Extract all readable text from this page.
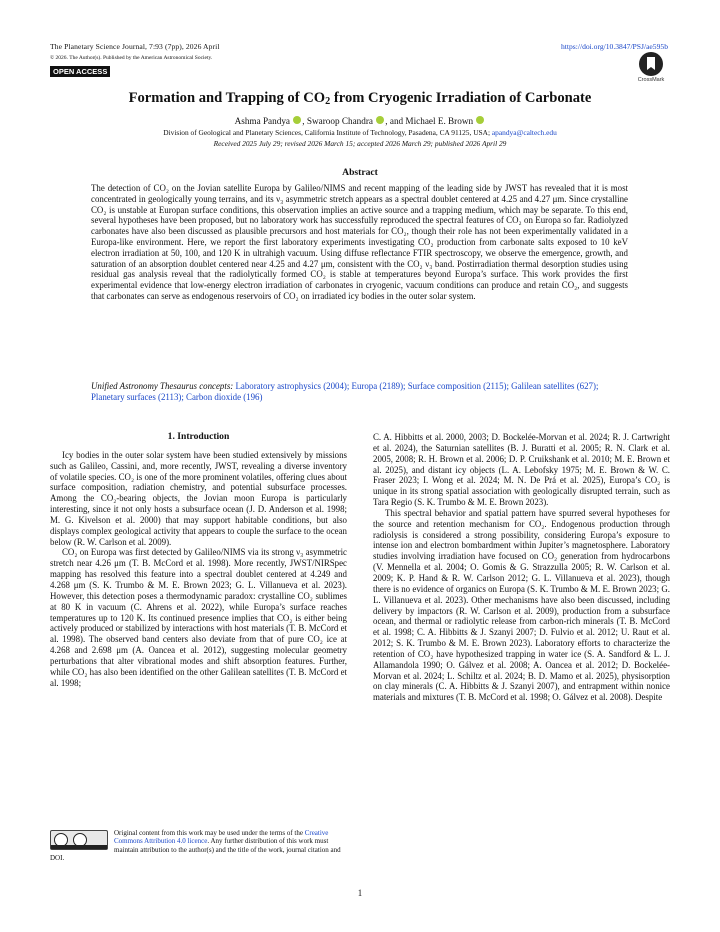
The Planetary Science Journal, 7:93 (7pp), 2026 April	https://doi.org/10.3847/PSJ/ae595b
© 2026. The Author(s). Published by the American Astronomical Society.
OPEN ACCESS
CrossMark
Formation and Trapping of $CO_2$ from Cryogenic Irradiation of Carbonate
Ashma Pandya , Swaroop Chandra , and Michael E. Brown
Division of Geological and Planetary Sciences, California Institute of Technology, Pasadena, CA 91125, USA; apandya@caltech.edu
Received 2025 July 29; revised 2026 March 15; accepted 2026 March 29; published 2026 April 29
Abstract
The detection of CO₂ on the Jovian satellite Europa by Galileo/NIMS and recent mapping of the leading side by JWST has revealed that it is most concentrated in geologically young terrains, and its ν₃ asymmetric stretch appears as a spectral doublet centered at 4.25 and 4.27 μm. Since crystalline CO₂ is unstable at Europan surface conditions, this observation implies an active source and a trapping medium, which may be separate. To this end, several hypotheses have been proposed, but no laboratory work has successfully reproduced the spectral features of CO₂ on Europa so far. Radiolyzed carbonates have also been discussed as plausible precursors and host materials for CO₂, though their role has not been experimentally validated in a Europa-like environment. Here, we report the first laboratory experiments investigating CO₂ production from carbonate salts exposed to 10 keV electron irradiation at 50, 100, and 120 K in ultrahigh vacuum. Using diffuse reflectance FTIR spectroscopy, we observe the emergence, growth, and saturation of an absorption doublet centered near 4.25 and 4.27 μm, consistent with the CO₂ ν₃ band. Postirradiation thermal desorption studies using residual gas analysis reveal that the radiolytically formed CO₂ is stable at temperatures beyond Europa’s surface. This work provides the first experimental evidence that low-energy electron irradiation of carbonates in cryogenic, vacuum conditions can produce and retain CO₂, and suggests that carbonates can serve as endogenous reservoirs of CO₂ on irradiated icy bodies in the outer solar system.
Unified Astronomy Thesaurus concepts: Laboratory astrophysics (2004); Europa (2189); Surface composition (2115); Galilean satellites (627); Planetary surfaces (2113); Carbon dioxide (196)
1. Introduction

Icy bodies in the outer solar system have been studied extensively by missions such as Galileo, Cassini, and, more recently, JWST, revealing a diverse inventory of volatile species. CO₂ is one of the more prominent volatiles, offering clues about surface composition, radiation chemistry, and potential subsurface processes. Among the CO₂-bearing objects, the Jovian moon Europa is particularly interesting, since it not only hosts a subsurface ocean (J. D. Anderson et al. 1998; M. G. Kivelson et al. 2000) that may support habitable conditions, but also displays complex geological activity that appears to couple the surface to the ocean below (R. W. Carlson et al. 2009).

CO₂ on Europa was first detected by Galileo/NIMS via its strong ν₃ asymmetric stretch near 4.26 μm (T. B. McCord et al. 1998). More recently, JWST/NIRSpec mapping has resolved this feature into a spectral doublet centered at 4.249 and 4.268 μm (S. K. Trumbo & M. E. Brown 2023; G. L. Villanueva et al. 2023). However, this detection poses a thermodynamic paradox: crystalline CO₂ sublimes at 80 K in vacuum (C. Ahrens et al. 2022), while Europa’s surface reaches temperatures up to 120 K. Its continued presence implies that CO₂ is either being actively produced or stabilized by interactions with host materials (T. B. McCord et al. 1998). The observed band centers also deviate from that of pure CO₂ ice at 4.268 and 2.698 μm (A. Oancea et al. 2012), suggesting molecular geometry perturbations that alter vibrational modes and shift absorption features. Further, while CO₂ has also been identified on the other Galilean satellites (T. B. McCord et al. 1998;

C. A. Hibbitts et al. 2000, 2003; D. Bockelée-Morvan et al. 2024; R. J. Cartwright et al. 2024), the Saturnian satellites (B. J. Buratti et al. 2005; R. N. Clark et al. 2005, 2008; R. H. Brown et al. 2006; D. P. Cruikshank et al. 2010; M. E. Brown et al. 2025), and distant icy objects (L. A. Lebofsky 1975; M. E. Brown & W. C. Fraser 2023; I. Wong et al. 2024; M. N. De Prá et al. 2025), Europa’s CO₂ is unique in its strong spatial association with geologically disrupted terrain, such as Tara Regio (S. K. Trumbo & M. E. Brown 2023).

This spectral behavior and spatial pattern have spurred several hypotheses for the source and retention mechanism for CO₂. Endogenous production through radiolysis is considered a strong possibility, considering Europa’s exposure to intense ion and electron bombardment within Jupiter’s magnetosphere. Laboratory studies involving irradiation have focused on CO₂ generation from hydrocarbons (V. Mennella et al. 2004; O. Gomis & G. Strazzulla 2005; R. W. Carlson et al. 2009; K. P. Hand & R. W. Carlson 2012; G. L. Villanueva et al. 2023), though there is no evidence of organics on Europa (S. K. Trumbo & M. E. Brown 2023; G. L. Villanueva et al. 2023). Other mechanisms have also been discussed, including delivery by impactors (R. W. Carlson et al. 2009), production from a subsurface ocean, and thermal or radiolytic release from carbon-rich minerals (T. B. McCord et al. 1998; C. A. Hibbitts & J. Szanyi 2007; D. Fulvio et al. 2012; U. Raut et al. 2012; S. K. Trumbo & M. E. Brown 2023). Laboratory efforts to characterize the retention of CO₂ have hypothesized trapping in water ice (S. A. Sandford & L. J. Allamandola 1990; O. Gálvez et al. 2008; A. Oancea et al. 2012; D. Bockelée-Morvan et al. 2024; L. Schiltz et al. 2024; B. D. Mamo et al. 2025), physisorption on clay minerals (C. A. Hibbitts & J. Szanyi 2007), and entrapment within nonice materials and mixtures (T. B. McCord et al. 1998; O. Gálvez et al. 2008). Despite

Original content from this work may be used under the terms of the Creative Commons Attribution 4.0 licence. Any further distribution of this work must maintain attribution to the author(s) and the title of the work, journal citation and DOI.
1
